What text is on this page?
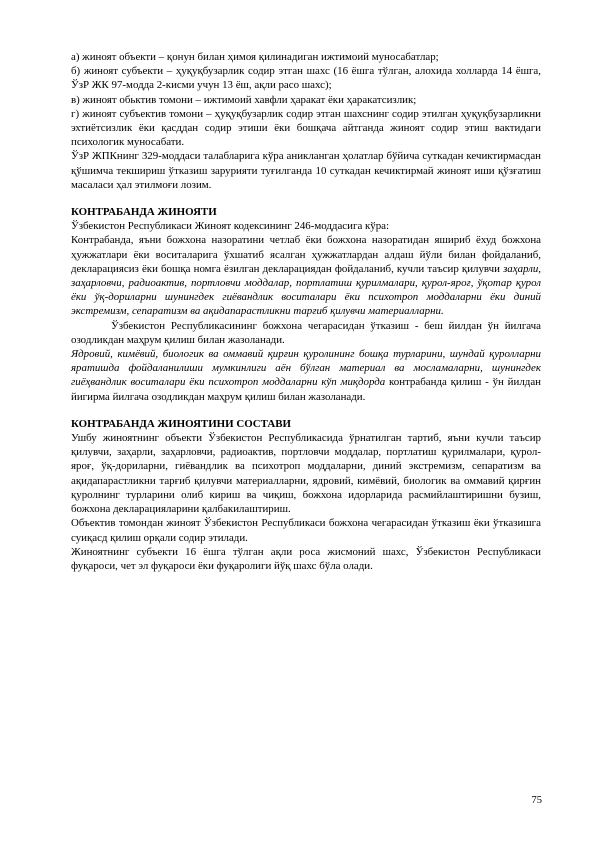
а) жиноят объекти – қонун билан ҳимоя қилинадиган ижтимоий муносабатлар;

б) жиноят субъекти – ҳуқуқбузарлик содир этган шахс (16 ёшга тўлган, алохида холларда 14 ёшга, ЎзР ЖК 97-модда 2-кисми учун 13 ёш, ақли расо шахс);

в) жиноят обьктив томони – ижтимоий хавфли ҳаракат ёки ҳаракатсизлик;

г) жиноят субъектив томони – ҳуқуқбузарлик содир этган шахснинг содир этилган ҳуқуқбузарликни эхтиётсизлик ёки қасддан содир этиши ёки бошқача айтганда жиноят содир этиш вактидаги психологик муносабати.

ЎзР ЖПКнинг 329-моддаси талабларига кўра аникланган ҳолатлар бўйича суткадан кечиктирмасдан қўшимча текшириш ўтказиш зарурияти туғилганда 10 суткадан кечиктирмай жиноят иши қўзғатиш масаласи ҳал этилмоғи лозим.

КОНТРАБАНДА ЖИНОЯТИ

Ўзбекистон Республикаси Жиноят кодексининг 246-моддасига кўра:

Контрабанда, яъни божхона назоратини четлаб ёки божхона назоратидан яшириб ёхуд божхона ҳужжатлари ёки воситаларига ўхшатиб ясалган ҳужжатлардан алдаш йўли билан фойдаланиб, декларациясиз ёки бошқа номга ёзилган декларациядан фойдаланиб, кучли таъсир қилувчи заҳарли, заҳарловчи, радиоактив, портловчи моддалар, портлатиш қурилмалари, қурол-яроғ, ўқотар қурол ёки ўқ-дориларни шунингдек гиёвандлик воситалари ёки психотроп моддаларни ёки диний экстремизм, сепаратизм ва ақидапарастликни тарғиб қилувчи материалларни.

Ўзбекистон Республикасининг божхона чегарасидан ўтказиш - беш йилдан ўн йилгача озодликдан маҳрум қилиш билан жазоланади.

Ядровий, кимёвий, биологик ва оммавий қирғин қуролининг бошқа турларини, шундай қуролларни яратишда фойдаланилиши мумкинлиги аён бўлган материал ва мосламаларни, шунингдек гиёҳвандлик воситалари ёки психотроп моддаларни кўп миқдорда контрабанда қилиш - ўн йилдан йигирма йилгача озодликдан маҳрум қилиш билан жазоланади.

КОНТРАБАНДА ЖИНОЯТИНИ СОСТАВИ

Ушбу жиноятнинг объекти Ўзбекистон Республикасида ўрнатилган тартиб, яъни кучли таъсир қилувчи, заҳарли, заҳарловчи, радиоактив, портловчи моддалар, портлатиш қурилмалари, қурол-яроғ, ўқ-дориларни, гиёвандлик ва психотроп моддаларни, диний экстремизм, сепаратизм ва ақидапарастликни тарғиб қилувчи материалларни, ядровий, кимёвий, биологик ва оммавий қирғин қуролнинг турларини олиб кириш ва чиқиш, божхона идорларида расмийлаштиришни бузиш, божхона декларацияларини қалбакилаштириш.

Объектив томондан жиноят Ўзбекистон Республикаси божхона чегарасидан ўтказиш ёки ўтказишга суиқасд қилиш орқали содир этилади.

Жиноятнинг субъекти 16 ёшга тўлган ақли роса жисмоний шахс, Ўзбекистон Республикаси фуқароси, чет эл фуқароси ёки фуқаролиги йўқ шахс бўла олади.

75
